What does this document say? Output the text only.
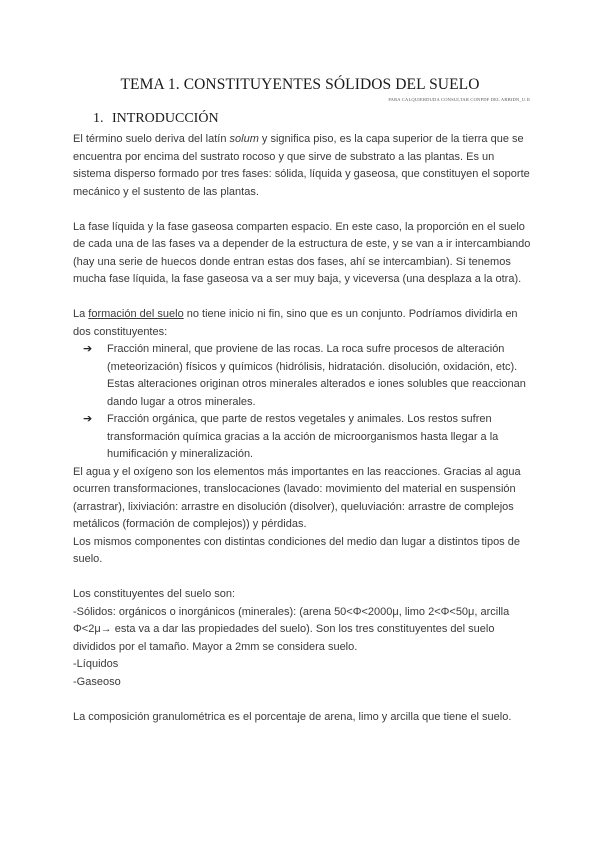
TEMA 1. CONSTITUYENTES SÓLIDOS DEL SUELO
PARA CALQUIERDUDA CONSULTAR CONPDF DEL ARBIDN_U.II
1. INTRODUCCIÓN

El término suelo deriva del latín solum y significa piso, es la capa superior de la tierra que se encuentra por encima del sustrato rocoso y que sirve de substrato a las plantas. Es un sistema disperso formado por tres fases: sólida, líquida y gaseosa, que constituyen el soporte mecánico y el sustento de las plantas.

La fase líquida y la fase gaseosa comparten espacio. En este caso, la proporción en el suelo de cada una de las fases va a depender de la estructura de este, y se van a ir intercambiando (hay una serie de huecos donde entran estas dos fases, ahí se intercambian). Si tenemos mucha fase líquida, la fase gaseosa va a ser muy baja, y viceversa (una desplaza a la otra).

La formación del suelo no tiene inicio ni fin, sino que es un conjunto. Podríamos dividirla en dos constituyentes:

➔ Fracción mineral, que proviene de las rocas. La roca sufre procesos de alteración (meteorización) físicos y químicos (hidrólisis, hidratación. disolución, oxidación, etc). Estas alteraciones originan otros minerales alterados e iones solubles que reaccionan dando lugar a otros minerales.
➔ Fracción orgánica, que parte de restos vegetales y animales. Los restos sufren transformación química gracias a la acción de microorganismos hasta llegar a la humificación y mineralización.

El agua y el oxígeno son los elementos más importantes en las reacciones. Gracias al agua ocurren transformaciones, translocaciones (lavado: movimiento del material en suspensión (arrastrar), lixiviación: arrastre en disolución (disolver), queluviación: arrastre de complejos metálicos (formación de complejos)) y pérdidas.

Los mismos componentes con distintas condiciones del medio dan lugar a distintos tipos de suelo.

Los constituyentes del suelo son:

-Sólidos: orgánicos o inorgánicos (minerales): (arena 50<Φ<2000μ, limo 2<Φ<50μ, arcilla Φ<2μ→ esta va a dar las propiedades del suelo). Son los tres constituyentes del suelo divididos por el tamaño. Mayor a 2mm se considera suelo.

-Líquidos

-Gaseoso

La composición granulométrica es el porcentaje de arena, limo y arcilla que tiene el suelo.
